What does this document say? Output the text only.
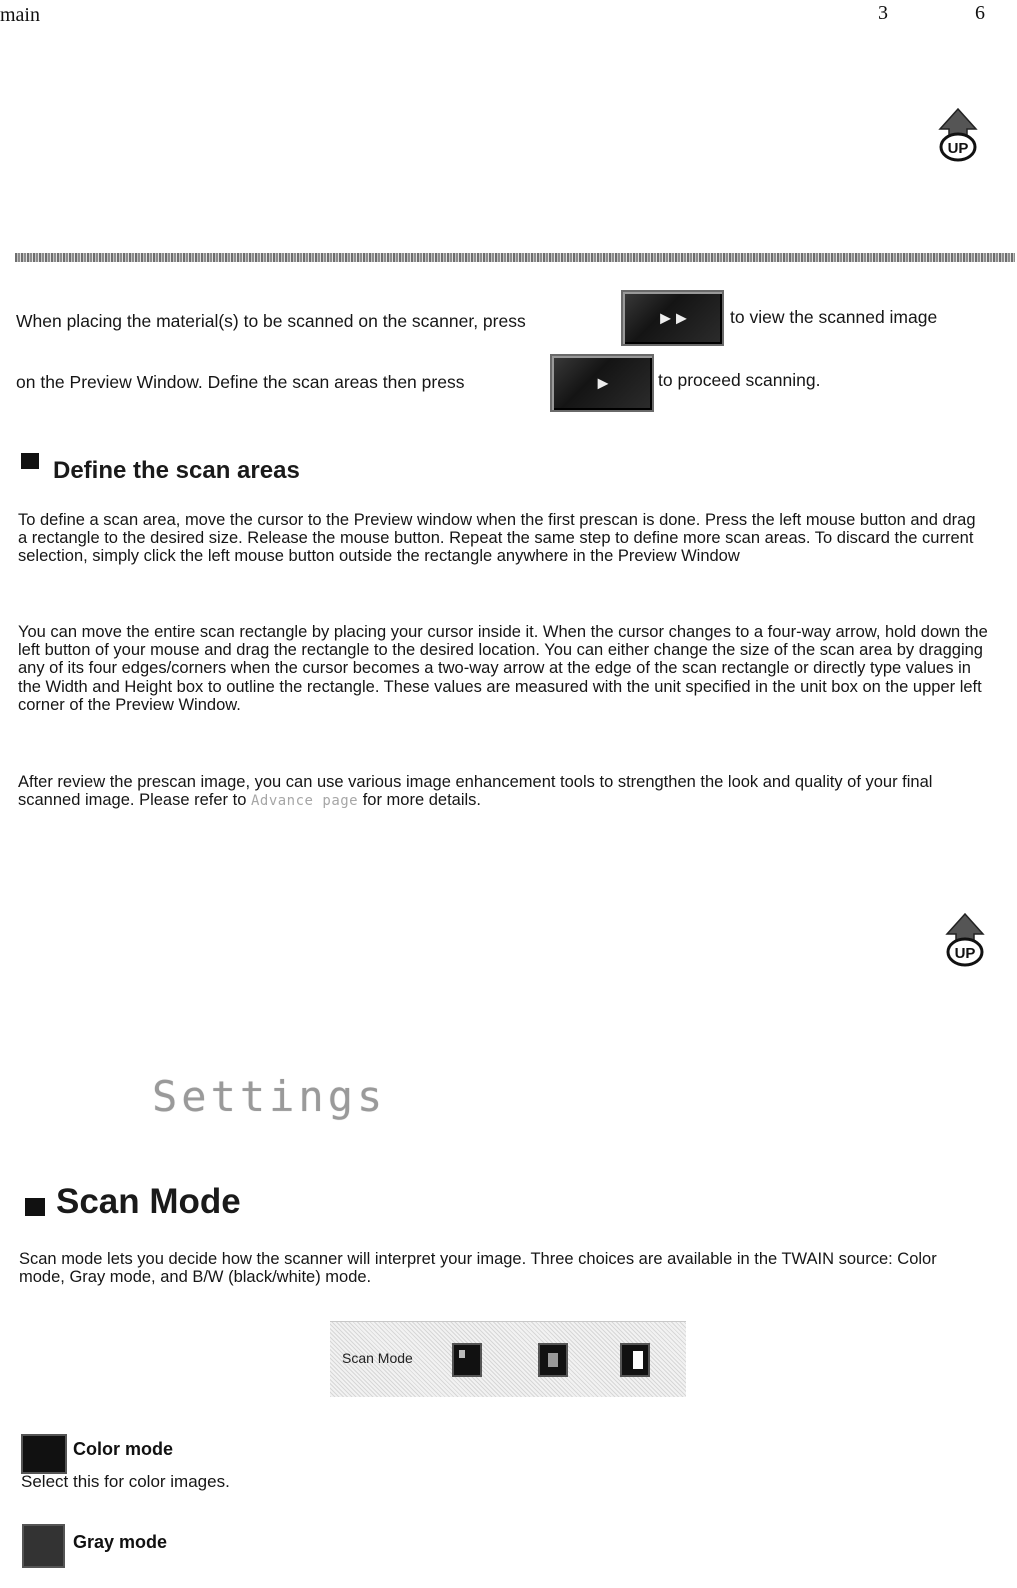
main	3	6
UP
When placing the material(s) to be scanned on the scanner, press	►► to view the scanned image
on the Preview Window. Define the scan areas then press	►	to proceed scanning.
Define the scan areas
To define a scan area, move the cursor to the Preview window when the first prescan is done. Press the left mouse button and drag a rectangle to the desired size. Release the mouse button. Repeat the same step to define more scan areas. To discard the current selection, simply click the left mouse button outside the rectangle anywhere in the Preview Window
You can move the entire scan rectangle by placing your cursor inside it. When the cursor changes to a four-way arrow, hold down the left button of your mouse and drag the rectangle to the desired location. You can either change the size of the scan area by dragging any of its four edges/corners when the cursor becomes a two-way arrow at the edge of the scan rectangle or directly type values in the Width and Height box to outline the rectangle. These values are measured with the unit specified in the unit box on the upper left corner of the Preview Window.
After review the prescan image, you can use various image enhancement tools to strengthen the look and quality of your final scanned image. Please refer to Advance page for more details.
UP
Settings
Scan Mode
Scan mode lets you decide how the scanner will interpret your image. Three choices are available in the TWAIN source: Color mode, Gray mode, and B/W (black/white) mode.
Scan Mode
Color mode
Select this for color images.
Gray mode
